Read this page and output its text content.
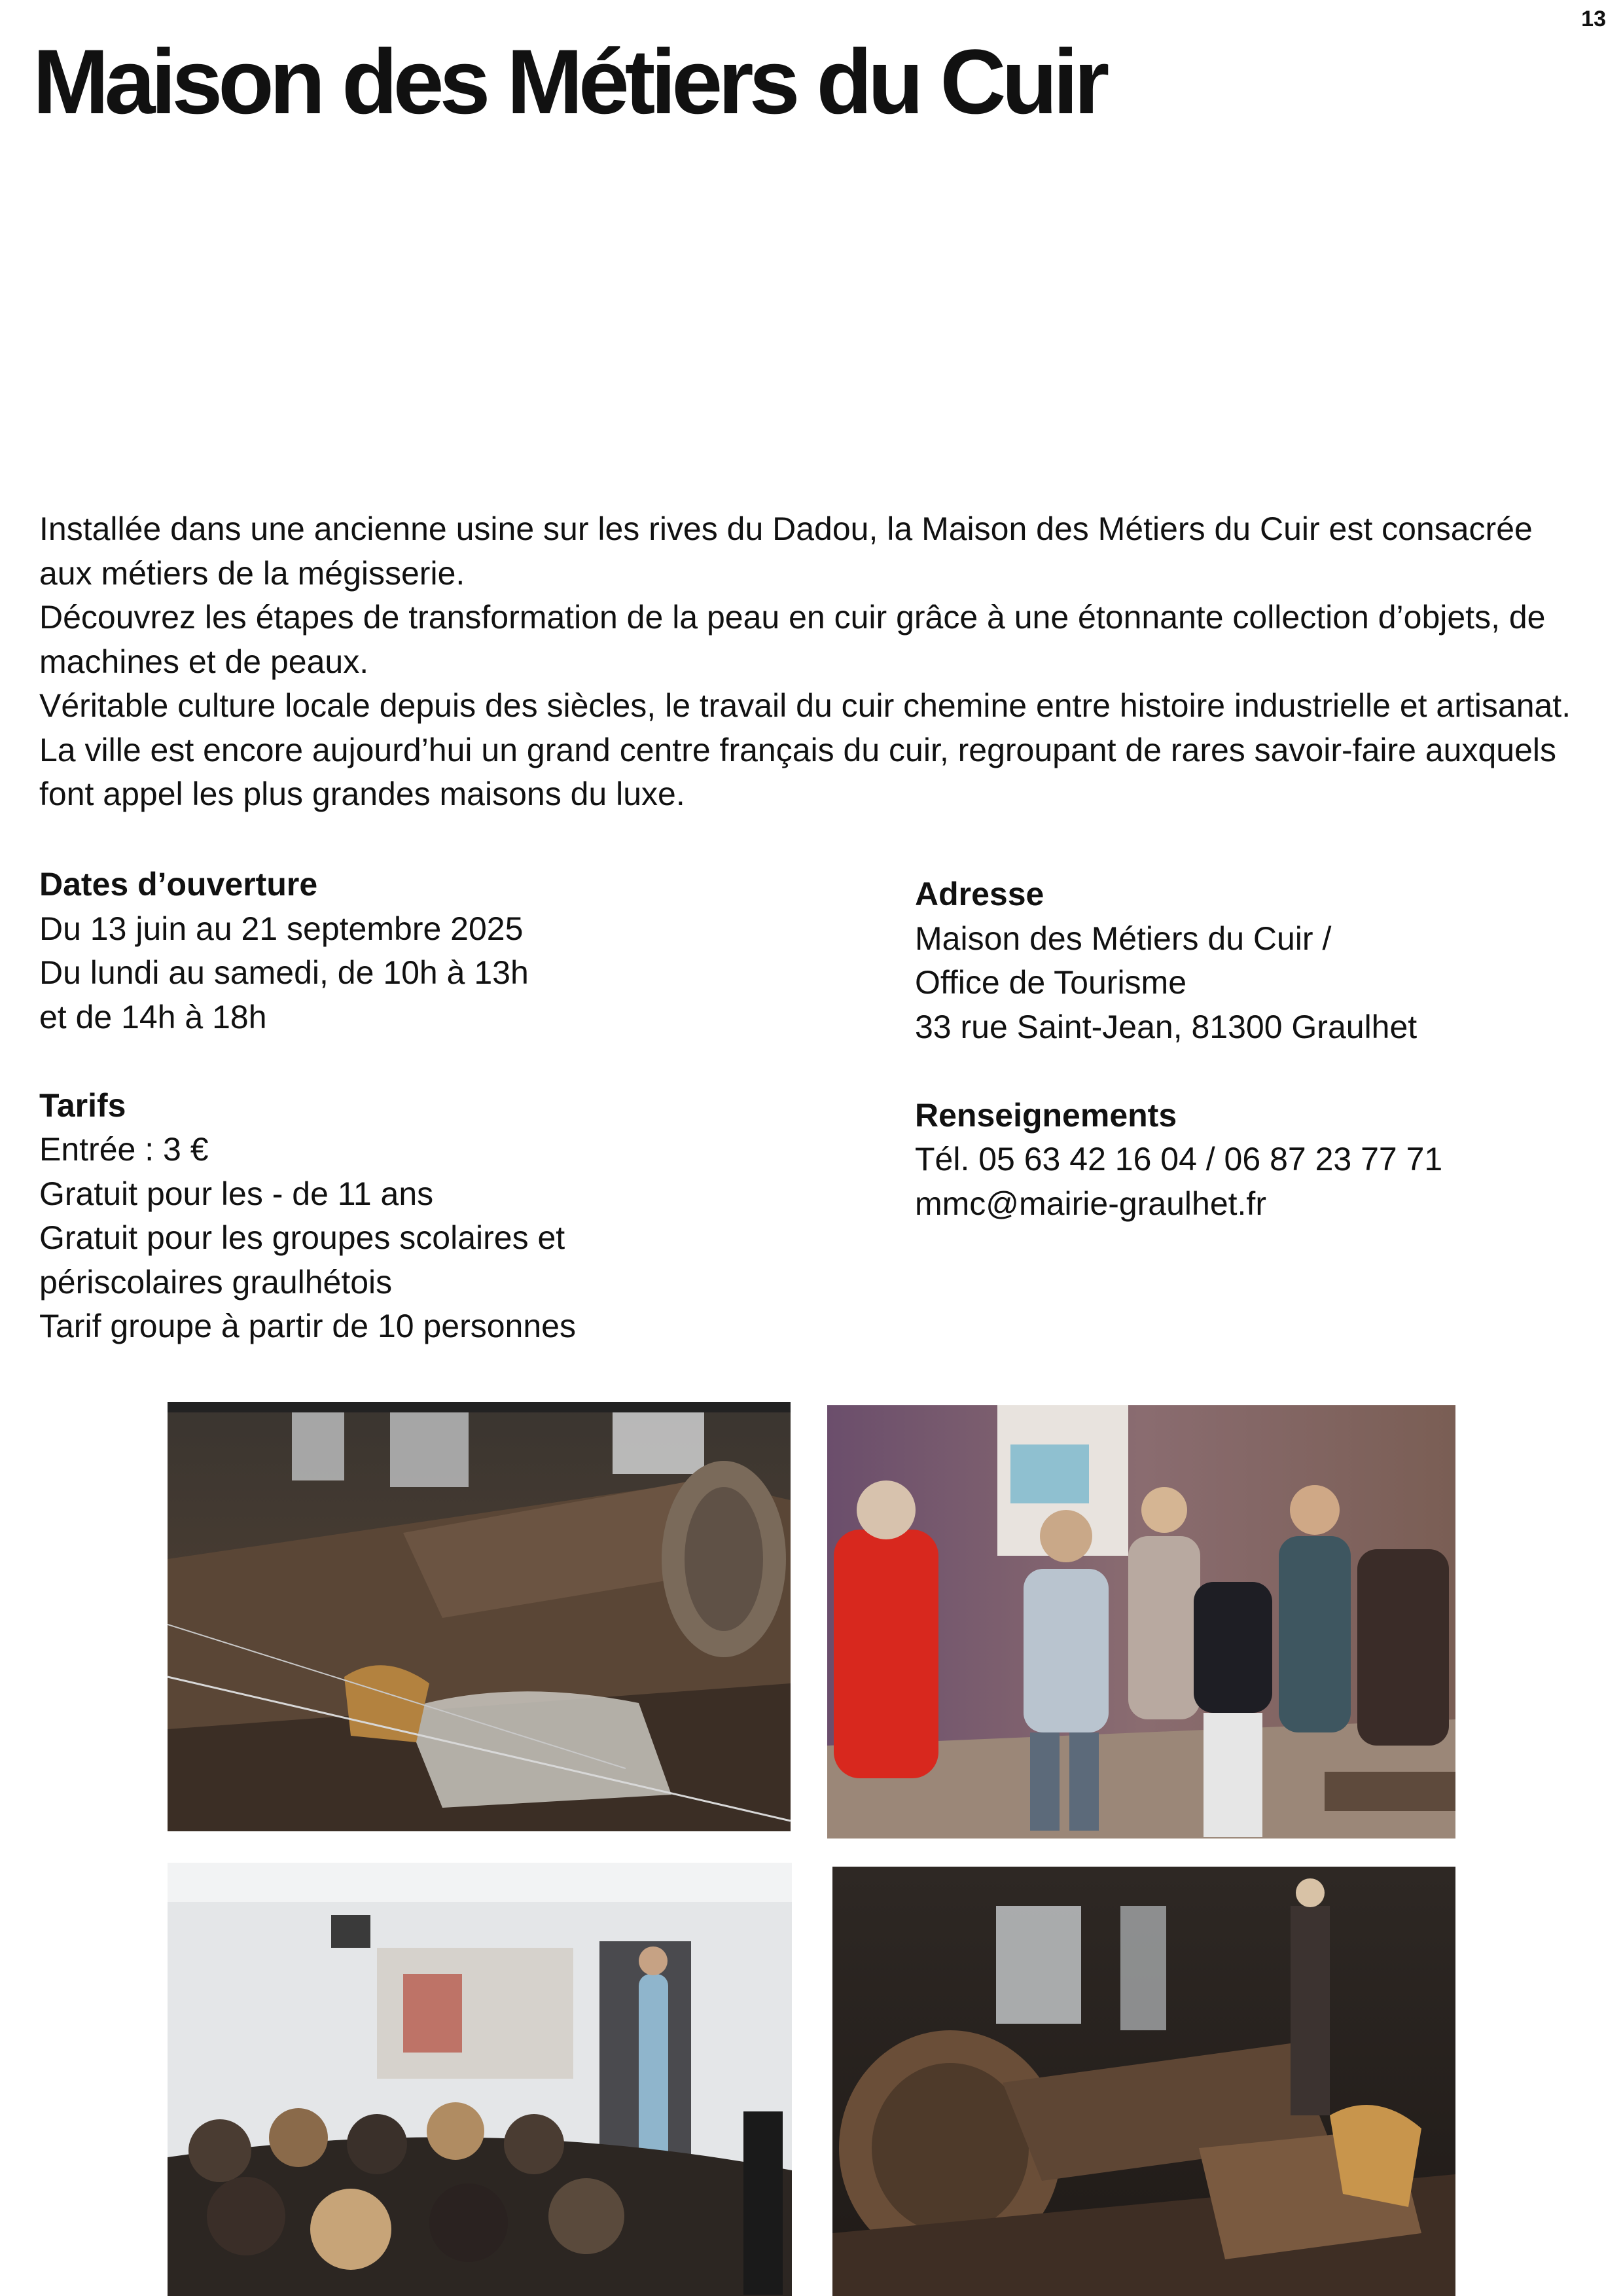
13
Maison des Métiers du Cuir

Installée dans une ancienne usine sur les rives du Dadou, la Maison des Métiers du Cuir est consacrée aux métiers de la mégisserie.

Découvrez les étapes de transformation de la peau en cuir grâce à une étonnante collection d’objets, de machines et de peaux.

Véritable culture locale depuis des siècles, le travail du cuir chemine entre histoire industrielle et artisanat. La ville est encore aujourd’hui un grand centre français du cuir, regroupant de rares savoir-faire auxquels font appel les plus grandes maisons du luxe.

Dates d’ouverture
Du 13 juin au 21 septembre 2025
Du lundi au samedi, de 10h à 13h
et de 14h à 18h
Tarifs
Entrée : 3 €
Gratuit pour les - de 11 ans
Gratuit pour les groupes scolaires et
périscolaires graulhétois
Tarif groupe à partir de 10 personnes
Adresse
Maison des Métiers du Cuir /
Office de Tourisme
33 rue Saint-Jean, 81300 Graulhet
Renseignements
Tél. 05 63 42 16 04 / 06 87 23 77 71
mmc@mairie-graulhet.fr
